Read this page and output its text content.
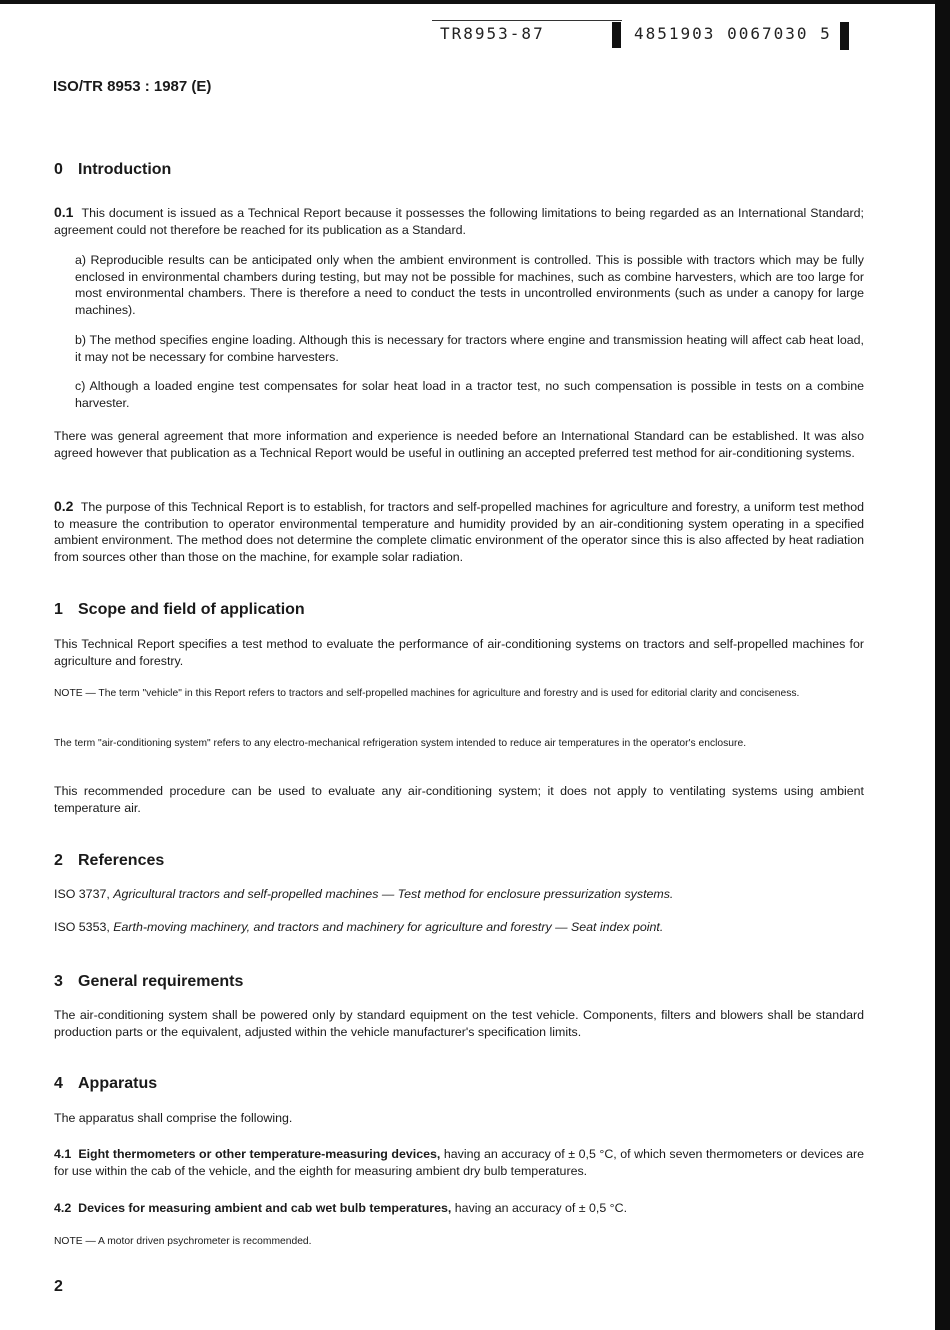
TR8953-87	4851903 0067030 5
ISO/TR 8953 : 1987 (E)
0 Introduction

0.1 This document is issued as a Technical Report because it possesses the following limitations to being regarded as an International Standard; agreement could not therefore be reached for its publication as a Standard.

a) Reproducible results can be anticipated only when the ambient environment is controlled. This is possible with tractors which may be fully enclosed in environmental chambers during testing, but may not be possible for machines, such as combine harvesters, which are too large for most environmental chambers. There is therefore a need to conduct the tests in uncontrolled environments (such as under a canopy for large machines).

b) The method specifies engine loading. Although this is necessary for tractors where engine and transmission heating will affect cab heat load, it may not be necessary for combine harvesters.

c) Although a loaded engine test compensates for solar heat load in a tractor test, no such compensation is possible in tests on a combine harvester.

There was general agreement that more information and experience is needed before an International Standard can be established. It was also agreed however that publication as a Technical Report would be useful in outlining an accepted preferred test method for air-conditioning systems.

0.2 The purpose of this Technical Report is to establish, for tractors and self-propelled machines for agriculture and forestry, a uniform test method to measure the contribution to operator environmental temperature and humidity provided by an air-conditioning system operating in a specified ambient environment. The method does not determine the complete climatic environment of the operator since this is also affected by heat radiation from sources other than those on the machine, for example solar radiation.

1 Scope and field of application

This Technical Report specifies a test method to evaluate the performance of air-conditioning systems on tractors and self-propelled machines for agriculture and forestry.

NOTE — The term "vehicle" in this Report refers to tractors and self-propelled machines for agriculture and forestry and is used for editorial clarity and conciseness.

The term "air-conditioning system" refers to any electro-mechanical refrigeration system intended to reduce air temperatures in the operator's enclosure.

This recommended procedure can be used to evaluate any air-conditioning system; it does not apply to ventilating systems using ambient temperature air.

2 References

ISO 3737, Agricultural tractors and self-propelled machines — Test method for enclosure pressurization systems.

ISO 5353, Earth-moving machinery, and tractors and machinery for agriculture and forestry — Seat index point.

3 General requirements

The air-conditioning system shall be powered only by standard equipment on the test vehicle. Components, filters and blowers shall be standard production parts or the equivalent, adjusted within the vehicle manufacturer's specification limits.

4 Apparatus

The apparatus shall comprise the following.

4.1 Eight thermometers or other temperature-measuring devices, having an accuracy of ± 0,5 °C, of which seven thermometers or devices are for use within the cab of the vehicle, and the eighth for measuring ambient dry bulb temperatures.

4.2 Devices for measuring ambient and cab wet bulb temperatures, having an accuracy of ± 0,5 °C.

NOTE — A motor driven psychrometer is recommended.

2
